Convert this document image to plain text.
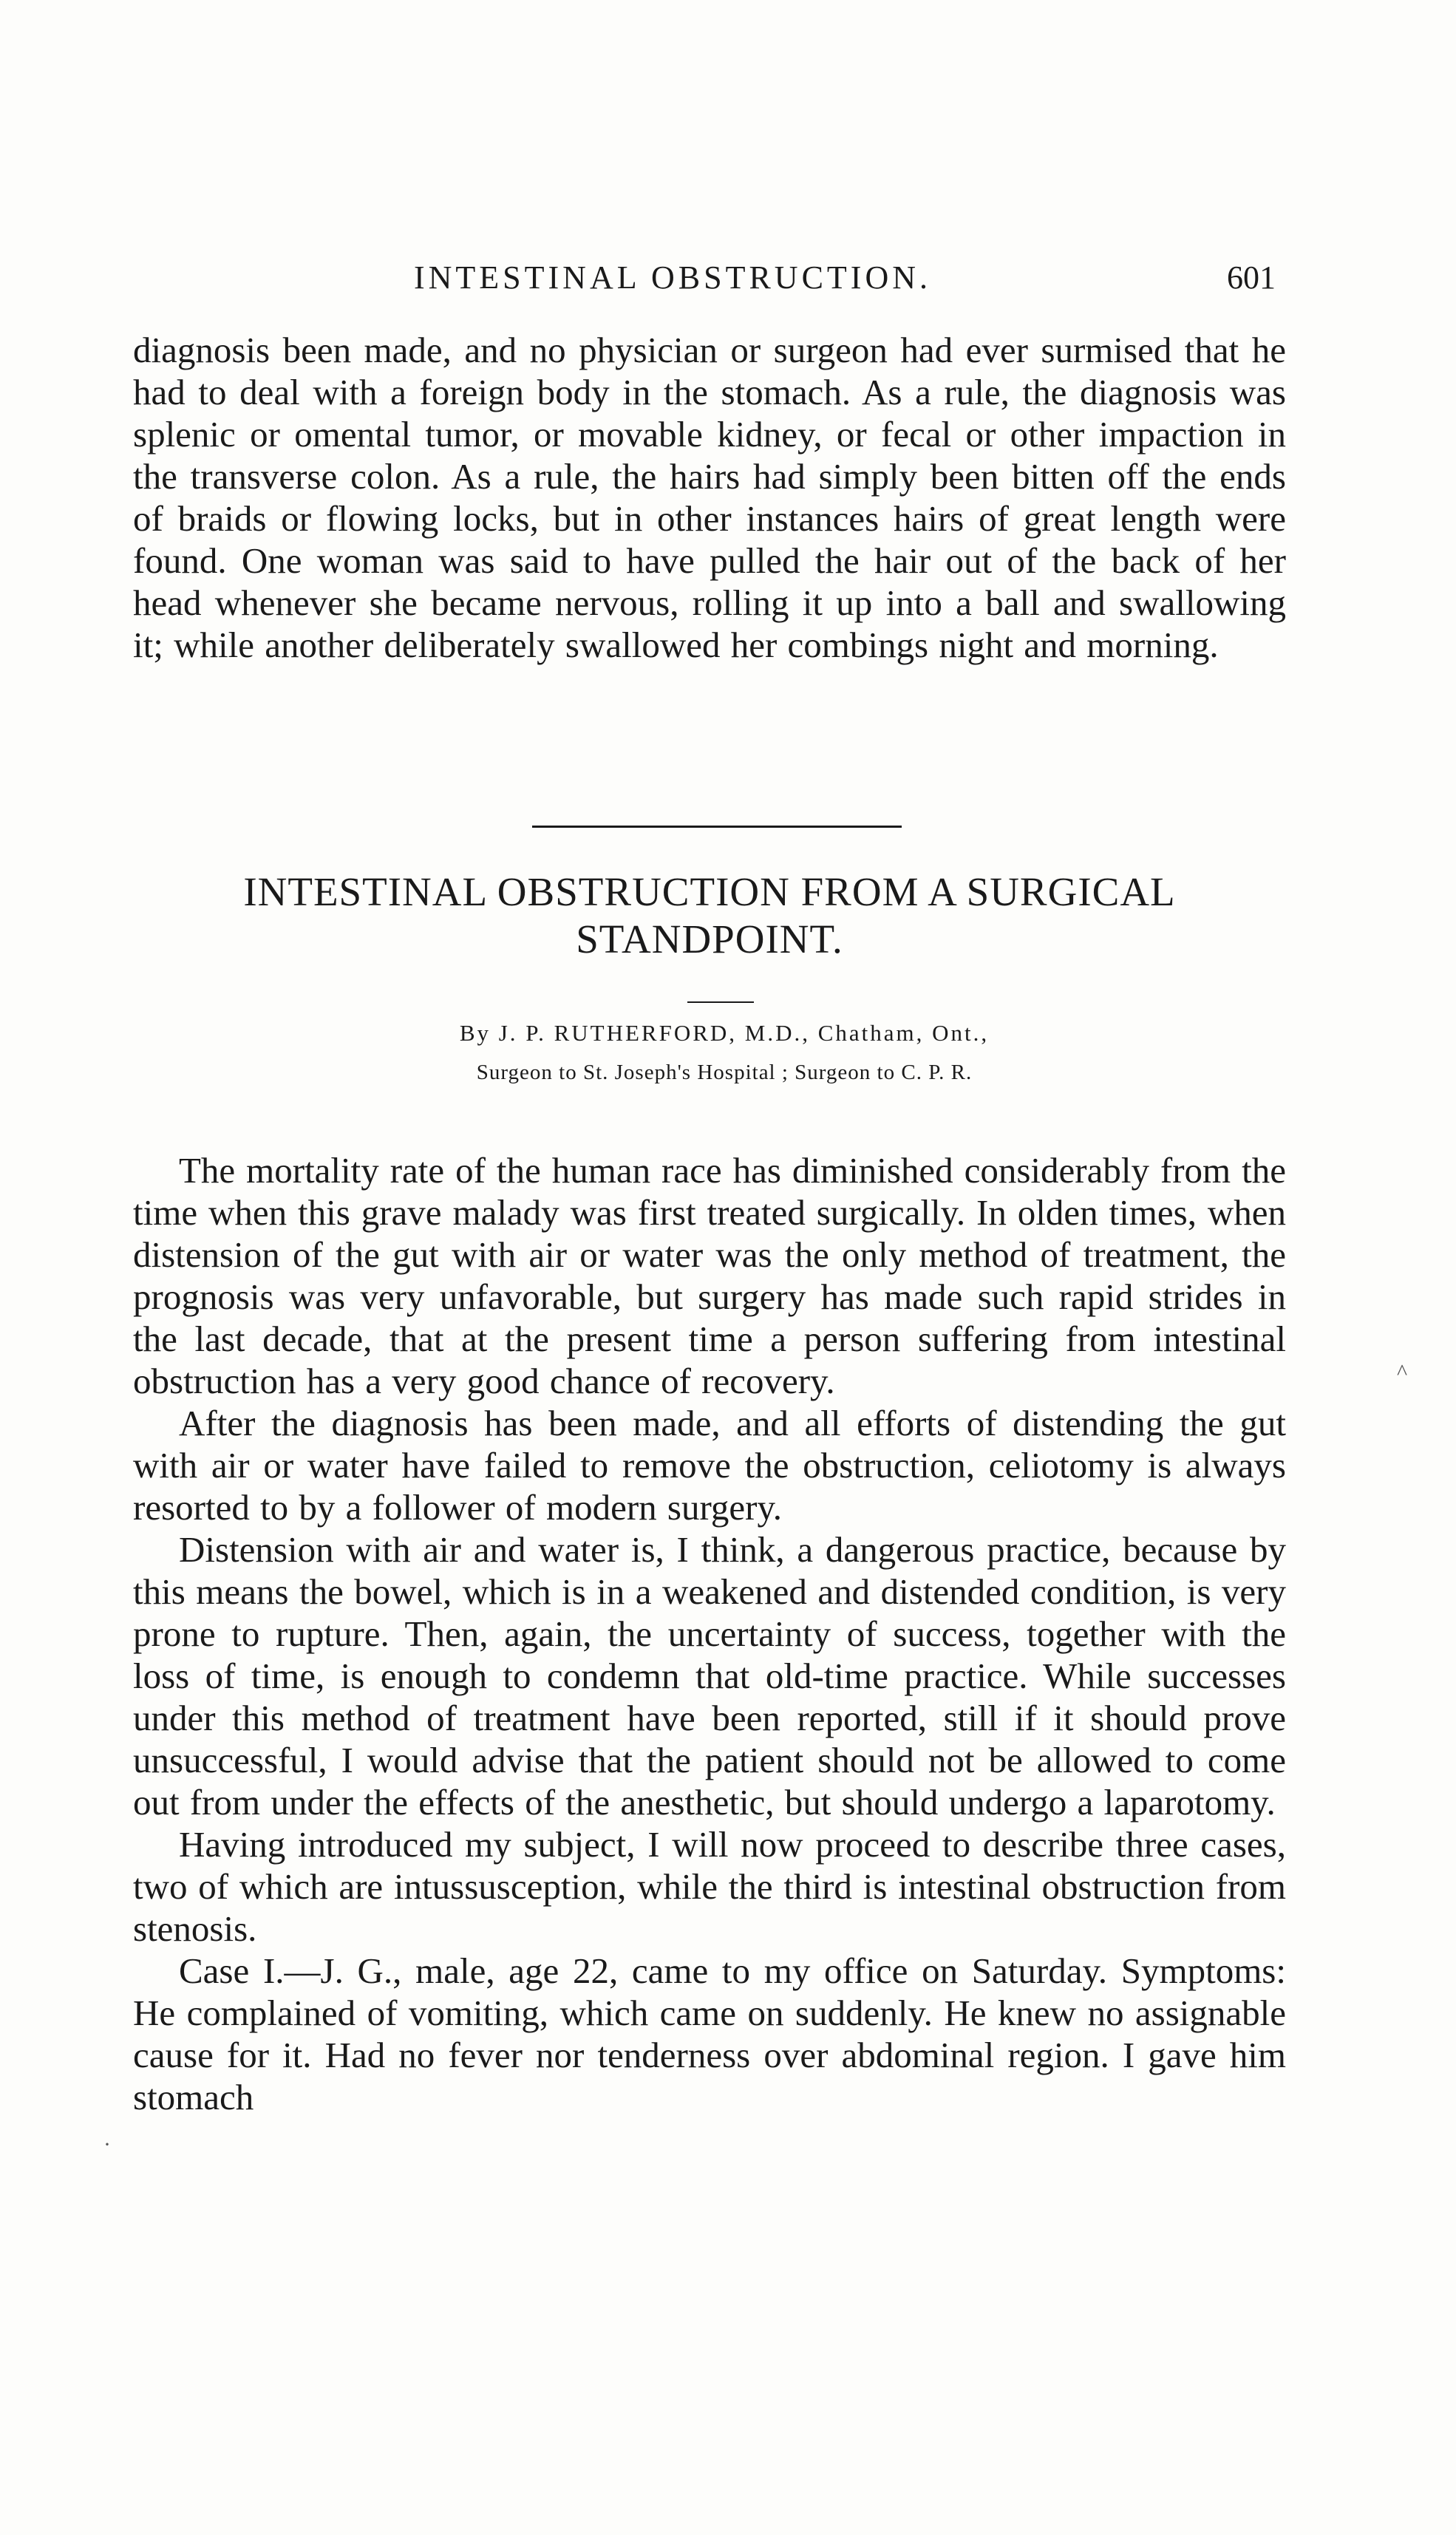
INTESTINAL OBSTRUCTION.	601

diagnosis been made, and no physician or surgeon had ever surmised that he had to deal with a foreign body in the stomach. As a rule, the diagnosis was splenic or omental tumor, or movable kidney, or fecal or other impaction in the transverse colon. As a rule, the hairs had simply been bitten off the ends of braids or flowing locks, but in other instances hairs of great length were found. One woman was said to have pulled the hair out of the back of her head whenever she became nervous, rolling it up into a ball and swallowing it; while another deliberately swallowed her combings night and morning.

INTESTINAL OBSTRUCTION FROM A SURGICAL STANDPOINT.
By J. P. RUTHERFORD, M.D., Chatham, Ont.,
Surgeon to St. Joseph's Hospital ; Surgeon to C. P. R.

The mortality rate of the human race has diminished considerably from the time when this grave malady was first treated surgically. In olden times, when distension of the gut with air or water was the only method of treatment, the prognosis was very unfavorable, but surgery has made such rapid strides in the last decade, that at the present time a person suffering from intestinal obstruction has a very good chance of recovery.

After the diagnosis has been made, and all efforts of distending the gut with air or water have failed to remove the obstruction, celiotomy is always resorted to by a follower of modern surgery.

Distension with air and water is, I think, a dangerous practice, because by this means the bowel, which is in a weakened and distended condition, is very prone to rupture. Then, again, the uncertainty of success, together with the loss of time, is enough to condemn that old-time practice. While successes under this method of treatment have been reported, still if it should prove unsuccessful, I would advise that the patient should not be allowed to come out from under the effects of the anesthetic, but should undergo a laparotomy.

Having introduced my subject, I will now proceed to describe three cases, two of which are intussusception, while the third is intestinal obstruction from stenosis.

Case I.—J. G., male, age 22, came to my office on Saturday. Symptoms: He complained of vomiting, which came on suddenly. He knew no assignable cause for it. Had no fever nor tenderness over abdominal region. I gave him stomach

^
·
